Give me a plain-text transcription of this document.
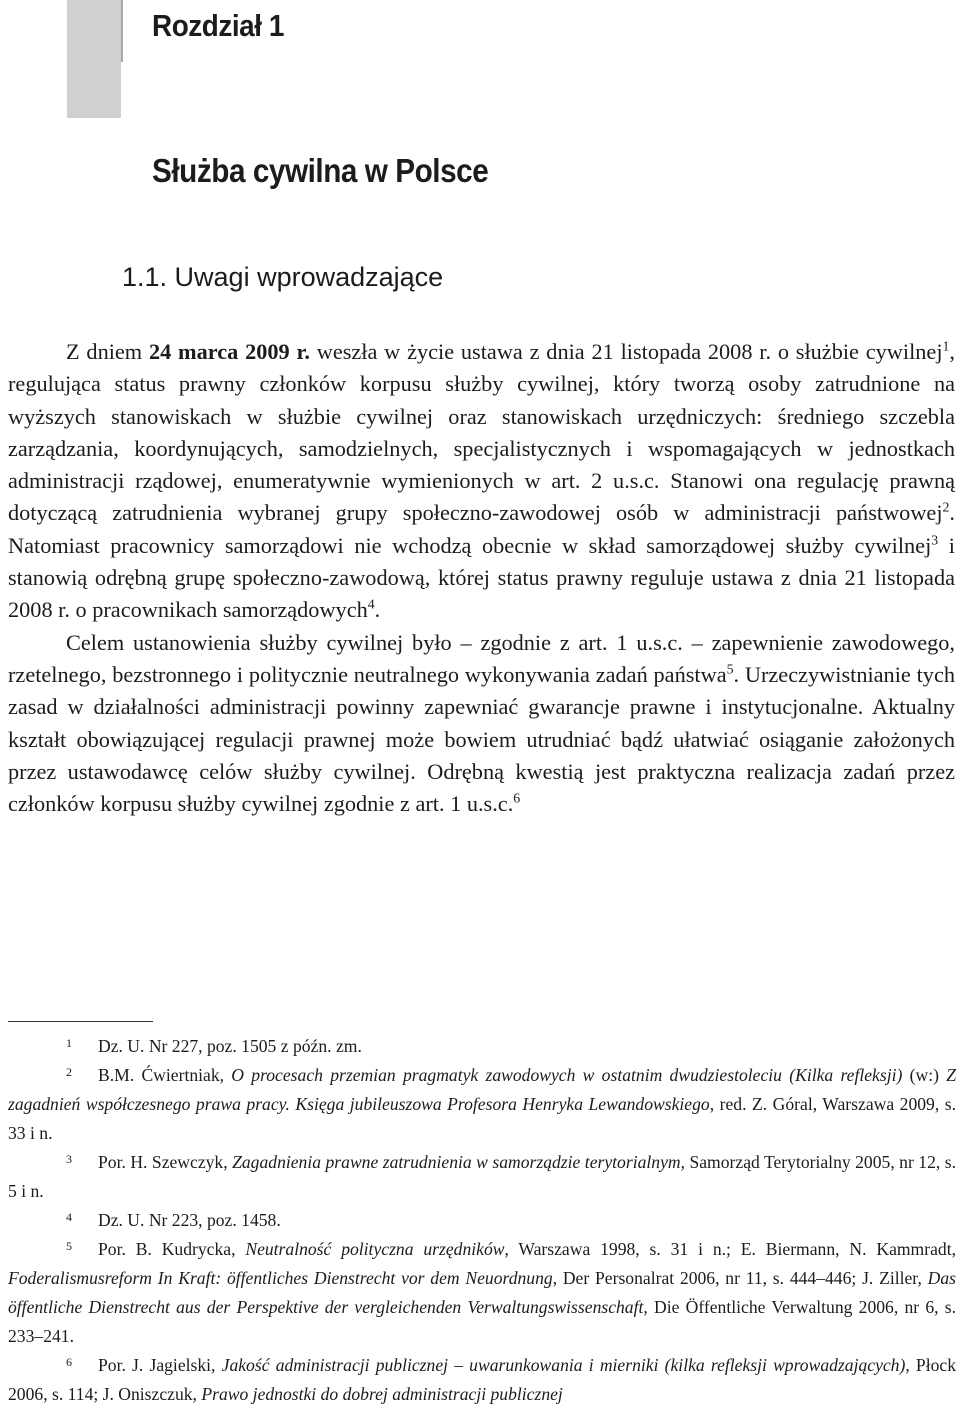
Rozdział 1
Służba cywilna w Polsce
1.1. Uwagi wprowadzające

Z dniem 24 marca 2009 r. weszła w życie ustawa z dnia 21 listopada 2008 r. o służbie cywilnej$^1$, regulująca status prawny członków korpusu służby cywilnej, który tworzą osoby zatrudnione na wyższych stanowiskach w służbie cywilnej oraz stanowiskach urzędniczych: średniego szczebla zarządzania, koordynujących, samodzielnych, specjalistycznych i wspomagających w jednostkach administracji rządowej, enumeratywnie wymienionych w art. 2 u.s.c. Stanowi ona regulację prawną dotyczącą zatrudnienia wybranej grupy społeczno-zawodowej osób w administracji państwowej$^2$. Natomiast pracownicy samorządowi nie wchodzą obecnie w skład samorządowej służby cywilnej$^3$ i stanowią odrębną grupę społeczno-zawodową, której status prawny reguluje ustawa z dnia 21 listopada 2008 r. o pracownikach samorządowych$^4$.

Celem ustanowienia służby cywilnej było – zgodnie z art. 1 u.s.c. – zapewnienie zawodowego, rzetelnego, bezstronnego i politycznie neutralnego wykonywania zadań państwa$^5$. Urzeczywistnianie tych zasad w działalności administracji powinny zapewniać gwarancje prawne i instytucjonalne. Aktualny kształt obowiązującej regulacji prawnej może bowiem utrudniać bądź ułatwiać osiąganie założonych przez ustawodawcę celów służby cywilnej. Odrębną kwestią jest praktyczna realizacja zadań przez członków korpusu służby cywilnej zgodnie z art. 1 u.s.c.$^6$

1 Dz. U. Nr 227, poz. 1505 z późn. zm.

2 B.M. Ćwiertniak, O procesach przemian pragmatyk zawodowych w ostatnim dwudziestoleciu (Kilka refleksji) (w:) Z zagadnień współczesnego prawa pracy. Księga jubileuszowa Profesora Henryka Lewandowskiego, red. Z. Góral, Warszawa 2009, s. 33 i n.

3 Por. H. Szewczyk, Zagadnienia prawne zatrudnienia w samorządzie terytorialnym, Samorząd Terytorialny 2005, nr 12, s. 5 i n.

4 Dz. U. Nr 223, poz. 1458.

5 Por. B. Kudrycka, Neutralność polityczna urzędników, Warszawa 1998, s. 31 i n.; E. Biermann, N. Kammradt, Foderalismusreform In Kraft: öffentliches Dienstrecht vor dem Neuordnung, Der Personalrat 2006, nr 11, s. 444–446; J. Ziller, Das öffentliche Dienstrecht aus der Perspektive der vergleichenden Verwaltungswissenschaft, Die Öffentliche Verwaltung 2006, nr 6, s. 233–241.

6 Por. J. Jagielski, Jakość administracji publicznej – uwarunkowania i mierniki (kilka refleksji wprowadzających), Płock 2006, s. 114; J. Oniszczuk, Prawo jednostki do dobrej administracji publicznej
